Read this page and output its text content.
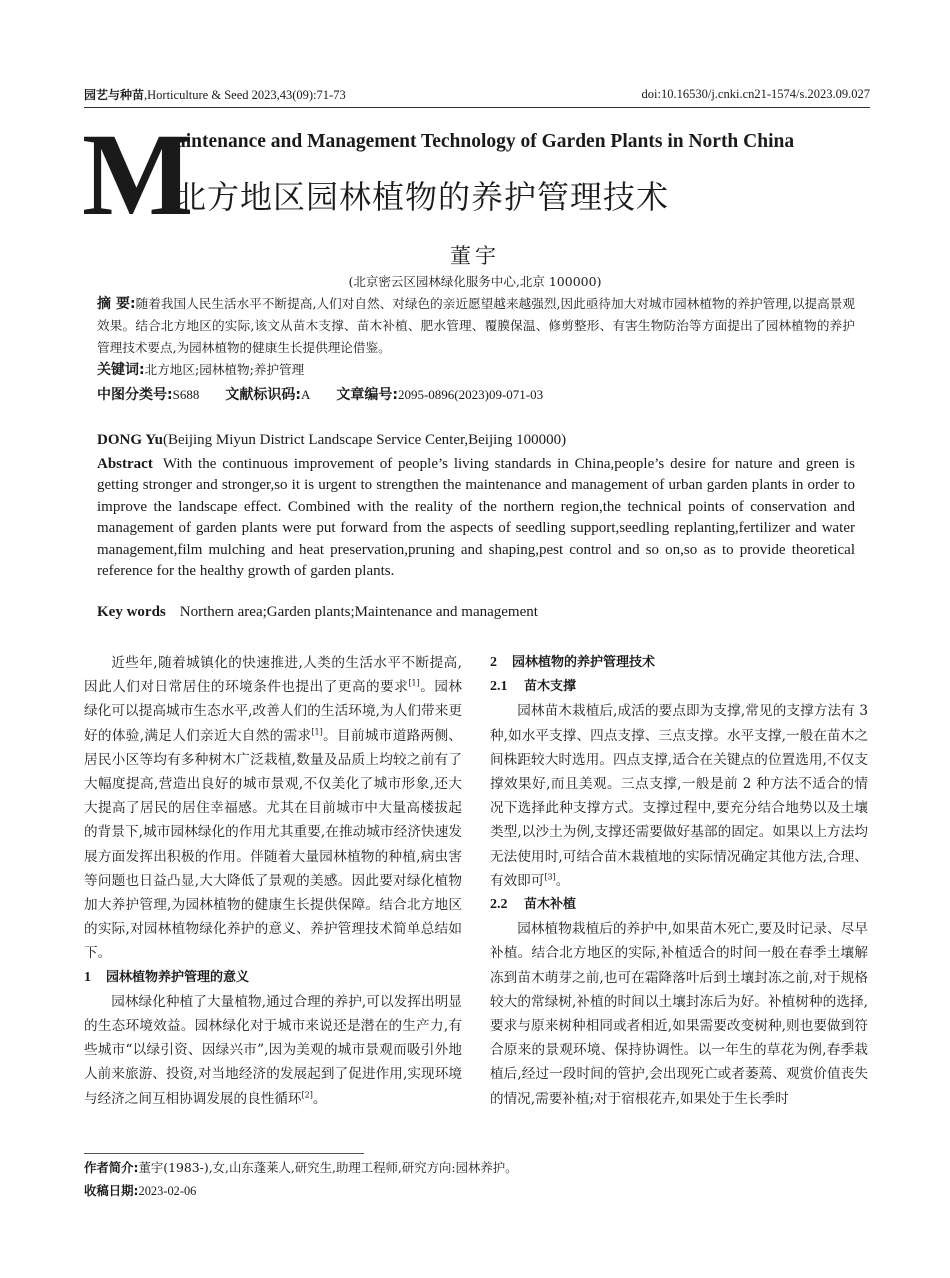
园艺与种苗,Horticulture & Seed 2023,43(09):71-73	doi:10.16530/j.cnki.cn21-1574/s.2023.09.027
M
aintenance and Management Technology of Garden Plants in North China
北方地区园林植物的养护管理技术
董宇
(北京密云区园林绿化服务中心,北京 100000)
摘 要:随着我国人民生活水平不断提高,人们对自然、对绿色的亲近愿望越来越强烈,因此亟待加大对城市园林植物的养护管理,以提高景观效果。结合北方地区的实际,该文从苗木支撑、苗木补植、肥水管理、覆膜保温、修剪整形、有害生物防治等方面提出了园林植物的养护管理技术要点,为园林植物的健康生长提供理论借鉴。
关键词:北方地区;园林植物;养护管理
中图分类号:S688 文献标识码:A 文章编号:2095-0896(2023)09-071-03
DONG Yu(Beijing Miyun District Landscape Service Center,Beijing 100000)
Abstract With the continuous improvement of people’s living standards in China,people’s desire for nature and green is getting stronger and stronger,so it is urgent to strengthen the maintenance and management of urban garden plants in order to improve the landscape effect. Combined with the reality of the northern region,the technical points of conservation and management of garden plants were put forward from the aspects of seedling support,seedling replanting,fertilizer and water management,film mulching and heat preservation,pruning and shaping,pest control and so on,so as to provide theoretical reference for the healthy growth of garden plants.
Key words Northern area;Garden plants;Maintenance and management

近些年,随着城镇化的快速推进,人类的生活水平不断提高,因此人们对日常居住的环境条件也提出了更高的要求[1]。园林绿化可以提高城市生态水平,改善人们的生活环境,为人们带来更好的体验,满足人们亲近大自然的需求[1]。目前城市道路两侧、居民小区等均有多种树木广泛栽植,数量及品质上均较之前有了大幅度提高,营造出良好的城市景观,不仅美化了城市形象,还大大提高了居民的居住幸福感。尤其在目前城市中大量高楼拔起的背景下,城市园林绿化的作用尤其重要,在推动城市经济快速发展方面发挥出积极的作用。伴随着大量园林植物的种植,病虫害等问题也日益凸显,大大降低了景观的美感。因此要对绿化植物加大养护管理,为园林植物的健康生长提供保障。结合北方地区的实际,对园林植物绿化养护的意义、养护管理技术简单总结如下。

1 园林植物养护管理的意义

园林绿化种植了大量植物,通过合理的养护,可以发挥出明显的生态环境效益。园林绿化对于城市来说还是潜在的生产力,有些城市“以绿引资、因绿兴市”,因为美观的城市景观而吸引外地人前来旅游、投资,对当地经济的发展起到了促进作用,实现环境与经济之间互相协调发展的良性循环[2]。

2 园林植物的养护管理技术
2.1 苗木支撑

园林苗木栽植后,成活的要点即为支撑,常见的支撑方法有 3 种,如水平支撑、四点支撑、三点支撑。水平支撑,一般在苗木之间株距较大时选用。四点支撑,适合在关键点的位置选用,不仅支撑效果好,而且美观。三点支撑,一般是前 2 种方法不适合的情况下选择此种支撑方式。支撑过程中,要充分结合地势以及土壤类型,以沙土为例,支撑还需要做好基部的固定。如果以上方法均无法使用时,可结合苗木栽植地的实际情况确定其他方法,合理、有效即可[3]。

2.2 苗木补植

园林植物栽植后的养护中,如果苗木死亡,要及时记录、尽早补植。结合北方地区的实际,补植适合的时间一般在春季土壤解冻到苗木萌芽之前,也可在霜降落叶后到土壤封冻之前,对于规格较大的常绿树,补植的时间以土壤封冻后为好。补植树种的选择,要求与原来树种相同或者相近,如果需要改变树种,则也要做到符合原来的景观环境、保持协调性。以一年生的草花为例,春季栽植后,经过一段时间的管护,会出现死亡或者萎蔫、观赏价值丧失的情况,需要补植;对于宿根花卉,如果处于生长季时

作者简介:董宇(1983-),女,山东蓬莱人,研究生,助理工程师,研究方向:园林养护。
收稿日期:2023-02-06
